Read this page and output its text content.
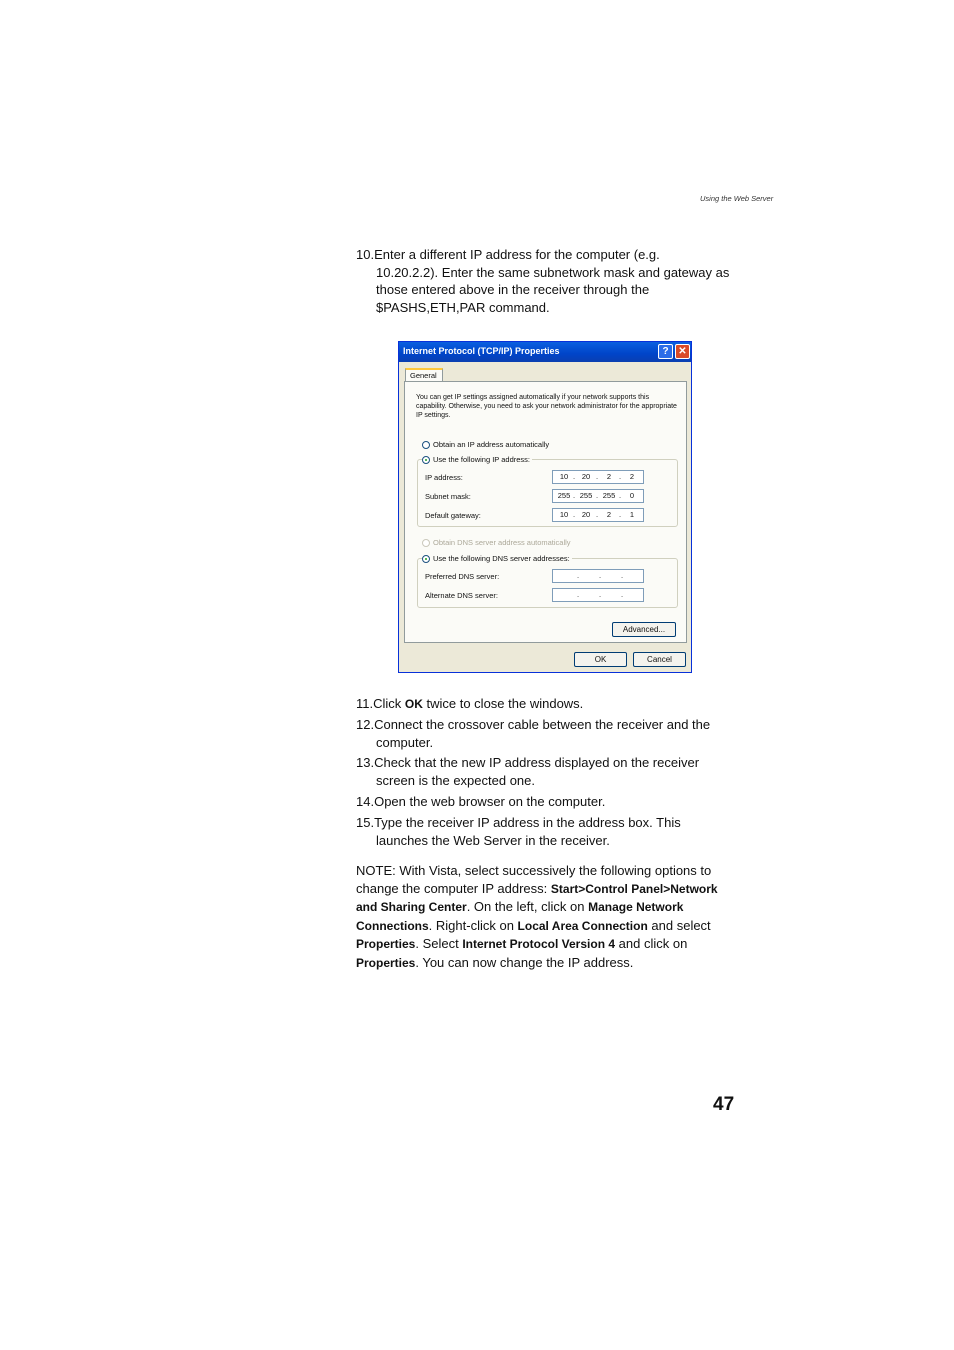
Using the Web Server
10.Enter a different IP address for the computer (e.g.
10.20.2.2). Enter the same subnetwork mask and gateway as those entered above in the receiver through the $PASHS,ETH,PAR command.
Internet Protocol (TCP/IP) Properties	? ✕
General
You can get IP settings assigned automatically if your network supports this capability. Otherwise, you need to ask your network administrator for the appropriate IP settings.
Obtain an IP address automatically
Use the following IP address:
IP address:	10 . 20 .	2	.	2
Subnet mask:	255 . 255 . 255 .	0
Default gateway:	10 . 20 .	2	.	1
Obtain DNS server address automatically
Use the following DNS server addresses:
Preferred DNS server:	.	.	.
Alternate DNS server:	.	.	.
Advanced...
OK	Cancel
11.Click OK twice to close the windows.
12.Connect the crossover cable between the receiver and the
computer.
13.Check that the new IP address displayed on the receiver
screen is the expected one.
14.Open the web browser on the computer.
15.Type the receiver IP address in the address box. This
launches the Web Server in the receiver.
NOTE: With Vista, select successively the following options to change the computer IP address: Start>Control Panel>Network and Sharing Center. On the left, click on Manage Network Connections. Right-click on Local Area Connection and select Properties. Select Internet Protocol Version 4 and click on Properties. You can now change the IP address.
47
